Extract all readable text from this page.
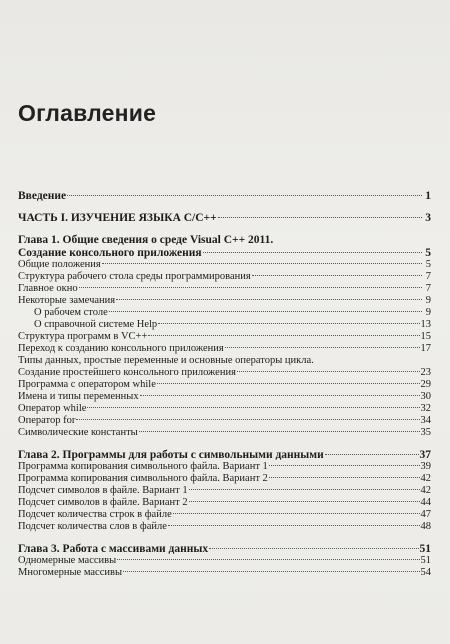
Оглавление
Введение	1
ЧАСТЬ I. ИЗУЧЕНИЕ ЯЗЫКА С/С++	3
Глава 1. Общие сведения о среде Visual С++ 2011.
Создание консольного приложения	5
Общие положения	5
Структура рабочего стола среды программирования	7
Главное окно	7
Некоторые замечания	9
О рабочем столе	9
О справочной системе Help	13
Структура программ в VC++	15
Переход к созданию консольного приложения	17
Типы данных, простые переменные и основные операторы цикла.
Создание простейшего консольного приложения	23
Программа с оператором while	29
Имена и типы переменных	30
Оператор while	32
Оператор for	34
Символические константы	35
Глава 2. Программы для работы с символьными данными	37
Программа копирования символьного файла. Вариант 1	39
Программа копирования символьного файла. Вариант 2	42
Подсчет символов в файле. Вариант 1	42
Подсчет символов в файле. Вариант 2	44
Подсчет количества строк в файле	47
Подсчет количества слов в файле	48
Глава 3. Работа с массивами данных	51
Одномерные массивы	51
Многомерные массивы	54
